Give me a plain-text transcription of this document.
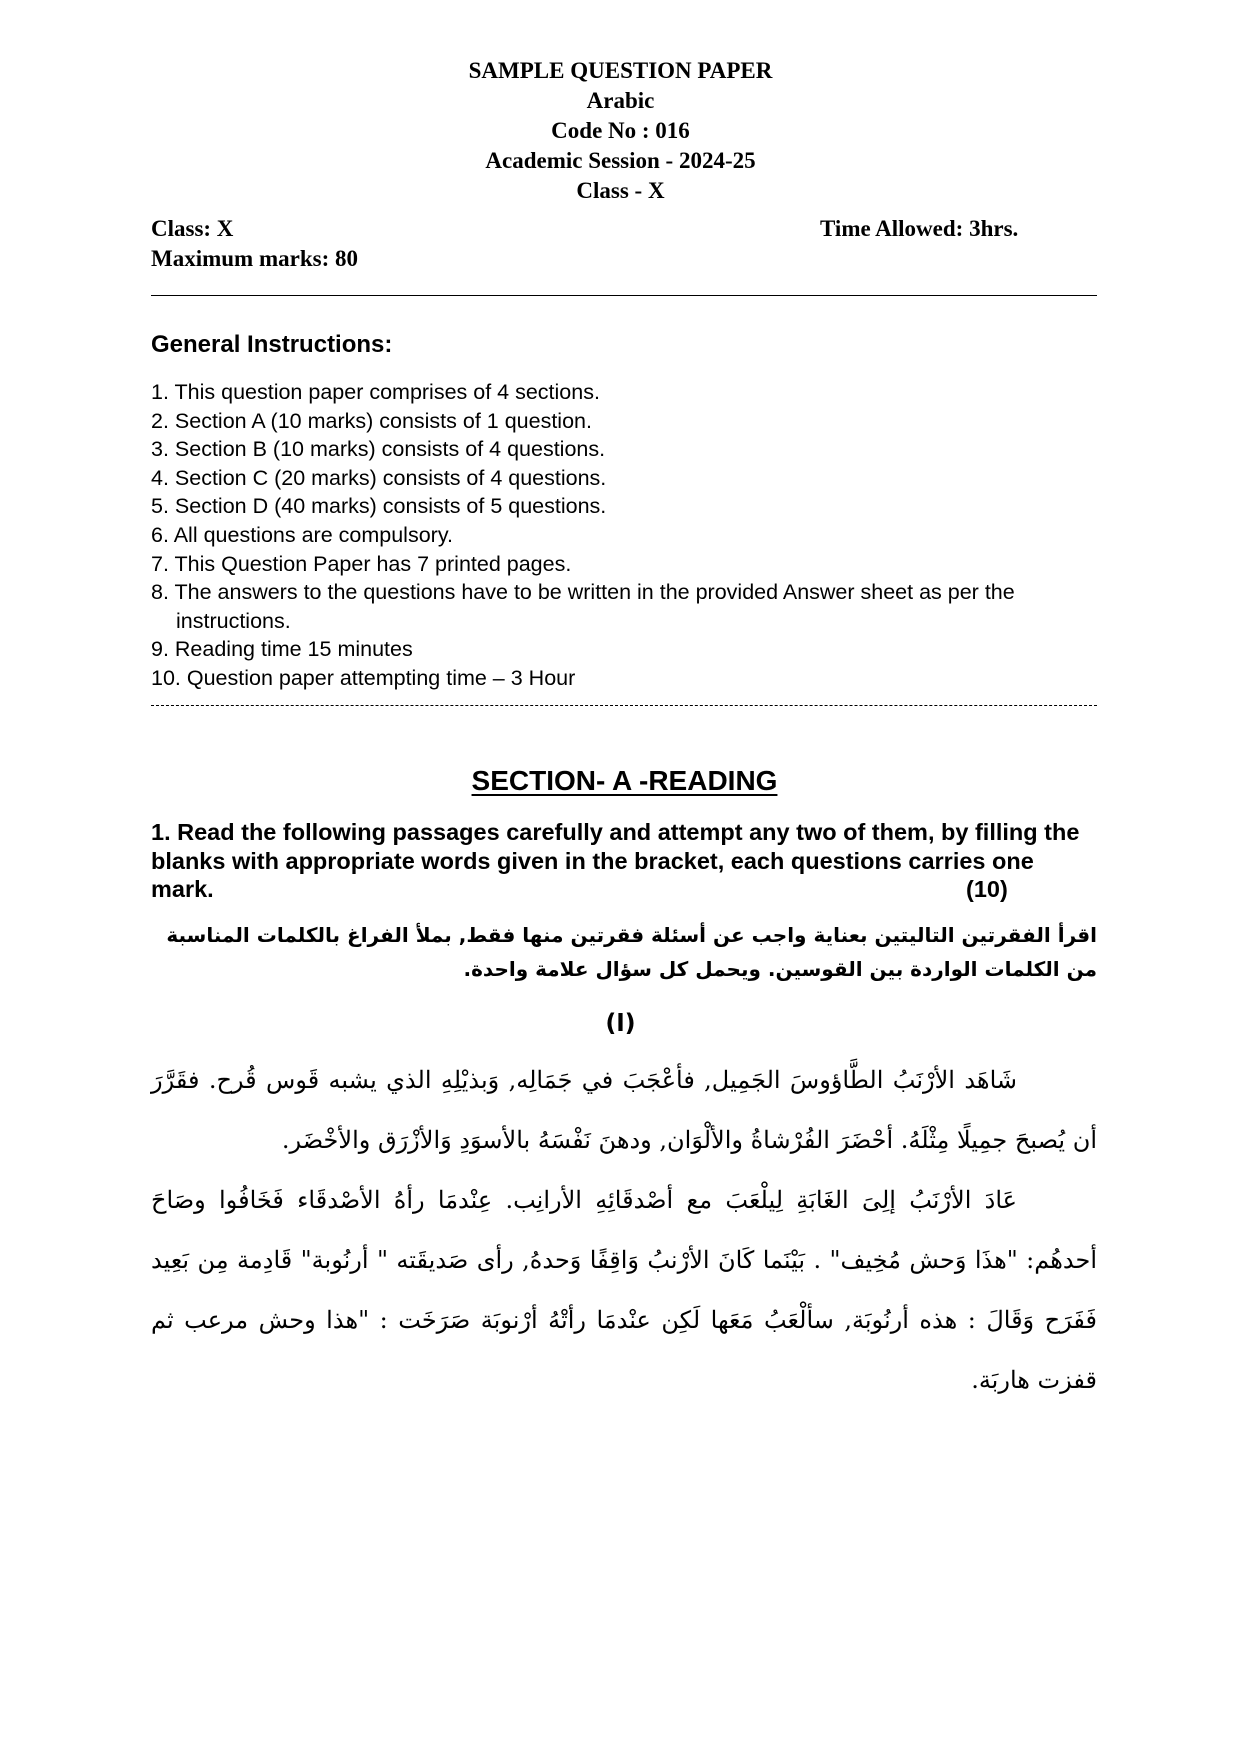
SAMPLE QUESTION PAPER
Arabic
Code No : 016
Academic Session - 2024-25
Class - X
Class: X
Maximum marks: 80
Time Allowed: 3hrs.
General Instructions:
1. This question paper comprises of 4 sections.
2. Section A (10 marks) consists of 1 question.
3. Section B (10 marks) consists of 4 questions.
4. Section C (20 marks) consists of 4 questions.
5. Section D (40 marks) consists of 5 questions.
6. All questions are compulsory.
7. This Question Paper has 7 printed pages.
8. The answers to the questions have to be written in the provided Answer sheet as per the instructions.
9. Reading time 15 minutes
10. Question paper attempting time – 3 Hour
SECTION- A -READING
1. Read the following passages carefully and attempt any two of them, by filling the blanks with appropriate words given in the bracket, each questions carries one mark.	(10)
اقرأ الفقرتين التاليتين بعناية واجب عن أسئلة فقرتين منها فقط, بملأ الفراغ بالكلمات المناسبة من الكلمات الواردة بين القوسين. ويحمل كل سؤال علامة واحدة.
(ا)

شَاهَد الأرْنَبُ الطَّاؤوسَ الجَمِيل, فأعْجَبَ في جَمَالِه, وَبذيْلِهِ الذي يشبه قَوس قُرح. فقَرَّرَ أن يُصبحَ جمِيلًا مِثْلَهُ. أحْضَرَ الفُرْشاةُ والألْوَان, ودهنَ نَفْسَهُ بالأسوَدِ وَالأزْرَق والأخْضَر.

عَادَ الأرْنَبُ إلِىَ الغَابَةِ لِيلْعَبَ مع أصْدقَائِهِ الأرانِب. عِنْدمَا رأهُ الأصْدقَاء فَخَافُوا وصَاحَ أحدهُم: "هذَا وَحش مُخِيف" . بَيْنَما كَانَ الأرْنبُ وَاقِفًا وَحدهُ, رأى صَديقَته " أرنُوبة" قَادِمة مِن بَعِيد فَفَرَح وَقَالَ : هذه أرنُوبَة, سألْعَبُ مَعَها لَكِن عنْدمَا رأتْهُ أرْنوبَة صَرَخَت : "هذا وحش مرعب ثم قفزت هاربَة.
